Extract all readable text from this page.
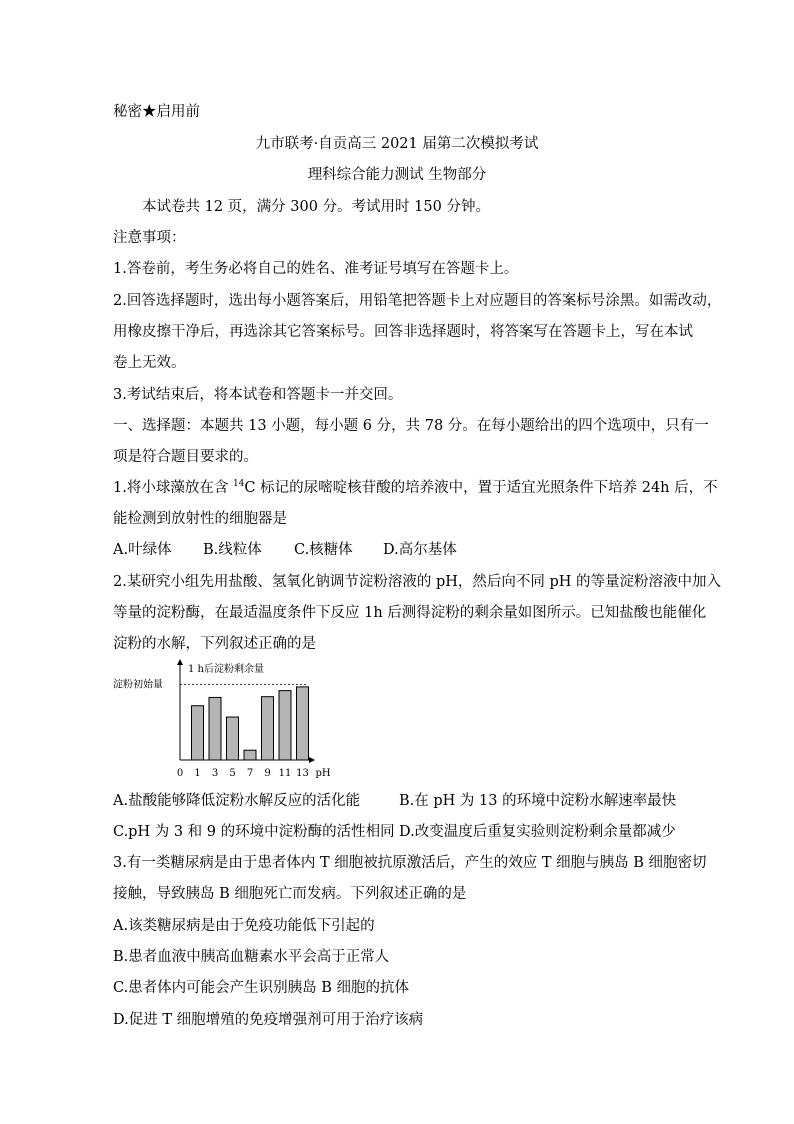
秘密★启用前
九市联考·自贡高三 2021 届第二次模拟考试
理科综合能力测试 生物部分
本试卷共 12 页，满分 300 分。考试用时 150 分钟。
注意事项：
1.答卷前，考生务必将自己的姓名、准考证号填写在答题卡上。
2.回答选择题时，选出每小题答案后，用铅笔把答题卡上对应题目的答案标号涂黑。如需改动，
用橡皮擦干净后，再选涂其它答案标号。回答非选择题时，将答案写在答题卡上，写在本试
卷上无效。
3.考试结束后，将本试卷和答题卡一并交回。
一、选择题：本题共 13 小题，每小题 6 分，共 78 分。在每小题给出的四个选项中，只有一
项是符合题目要求的。
1.将小球藻放在含 $^{14}$C 标记的尿嘧啶核苷酸的培养液中，置于适宜光照条件下培养 24h 后，不
能检测到放射性的细胞器是
A.叶绿体 B.线粒体 C.核糖体 D.高尔基体
2.某研究小组先用盐酸、氢氧化钠调节淀粉溶液的 pH，然后向不同 pH 的等量淀粉溶液中加入
等量的淀粉酶，在最适温度条件下反应 1h 后测得淀粉的剩余量如图所示。已知盐酸也能催化
淀粉的水解，下列叙述正确的是
1 h后淀粉剩余量
淀粉初始量
0	pH
1 3 5 7 9 11 13
A.盐酸能够降低淀粉水解反应的活化能	B.在 pH 为 13 的环境中淀粉水解速率最快
C.pH 为 3 和 9 的环境中淀粉酶的活性相同 D.改变温度后重复实验则淀粉剩余量都减少
3.有一类糖尿病是由于患者体内 T 细胞被抗原激活后，产生的效应 T 细胞与胰岛 B 细胞密切
接触，导致胰岛 B 细胞死亡而发病。下列叙述正确的是
A.该类糖尿病是由于免疫功能低下引起的
B.患者血液中胰高血糖素水平会高于正常人
C.患者体内可能会产生识别胰岛 B 细胞的抗体
D.促进 T 细胞增殖的免疫增强剂可用于治疗该病
